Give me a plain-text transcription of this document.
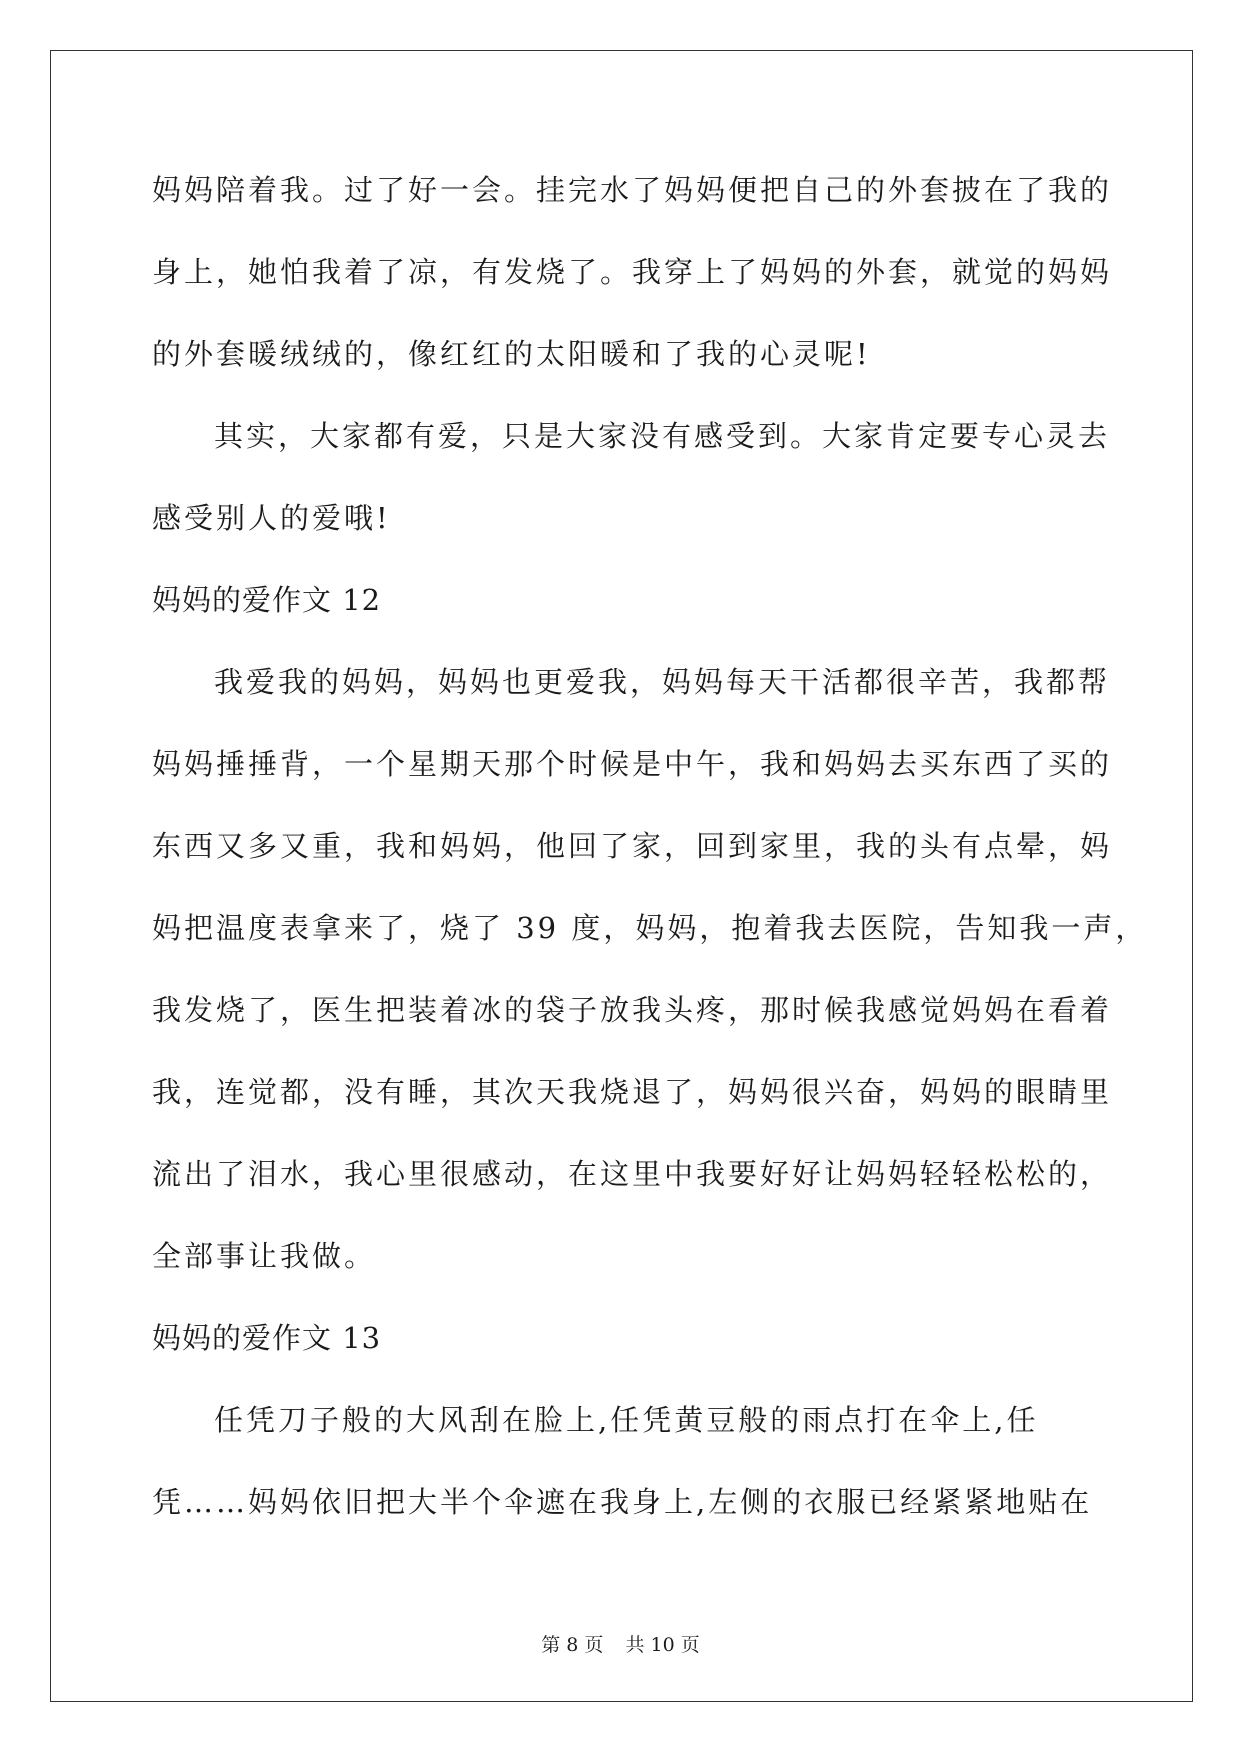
妈妈陪着我。过了好一会。挂完水了妈妈便把自己的外套披在了我的
身上，她怕我着了凉，有发烧了。我穿上了妈妈的外套，就觉的妈妈
的外套暖绒绒的，像红红的太阳暖和了我的心灵呢!
其实，大家都有爱，只是大家没有感受到。大家肯定要专心灵去
感受别人的爱哦!
妈妈的爱作文 12
我爱我的妈妈，妈妈也更爱我，妈妈每天干活都很辛苦，我都帮
妈妈捶捶背，一个星期天那个时候是中午，我和妈妈去买东西了买的
东西又多又重，我和妈妈，他回了家，回到家里，我的头有点晕，妈
妈把温度表拿来了，烧了 39 度，妈妈，抱着我去医院，告知我一声，
我发烧了，医生把装着冰的袋子放我头疼，那时候我感觉妈妈在看着
我，连觉都，没有睡，其次天我烧退了，妈妈很兴奋，妈妈的眼睛里
流出了泪水，我心里很感动，在这里中我要好好让妈妈轻轻松松的，
全部事让我做。
妈妈的爱作文 13
任凭刀子般的大风刮在脸上,任凭黄豆般的雨点打在伞上,任
凭……妈妈依旧把大半个伞遮在我身上,左侧的衣服已经紧紧地贴在
第 8 页 共 10 页
